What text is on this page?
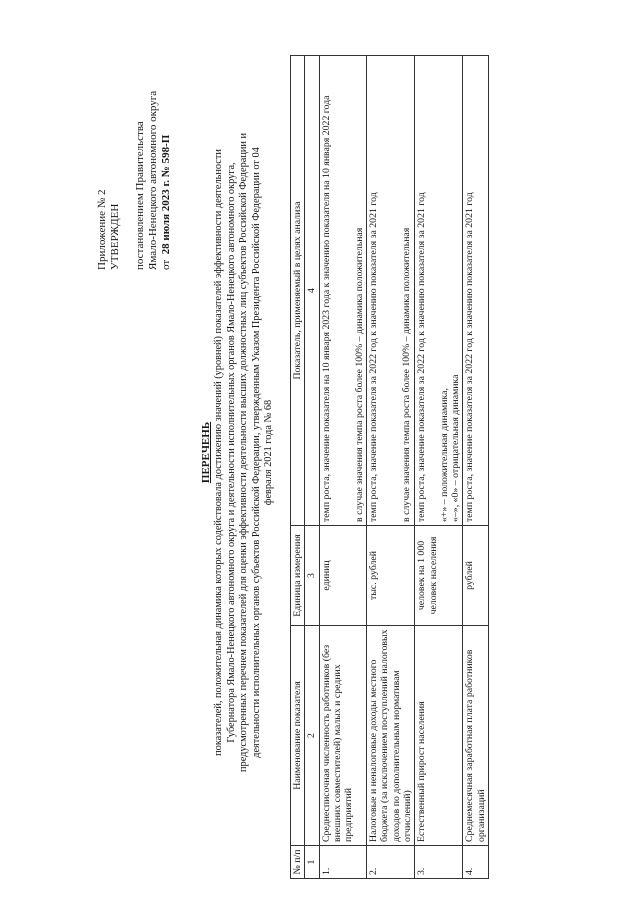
Приложение № 2 УТВЕРЖДЕН постановлением Правительства Ямало-Ненецкого автономного округа от  28 июля 2023 г. № 598-П
ПЕРЕЧЕНЬ показателей, положительная динамика которых содействовала достижению значений (уровней) показателей эффективности деятельности Губернатора Ямало-Ненецкого автономного округа и деятельности исполнительных органов Ямало-Ненецкого автономного округа, предусмотренных перечнем показателей для оценки эффективности деятельности высших должностных лиц субъектов Российской Федерации и деятельности исполнительных органов субъектов Российской Федерации, утвержденным Указом Президента Российской Федерации от 04 февраля 2021 года № 68
№ п/п	Наименование показателя	Единица измерения	Показатель, применяемый в целях анализа
1	2	3	4
1.	Среднесписочная численность работников (без внешних совместителей) малых и средних предприятий	единиц	темп роста, значение показателя на 10 января 2023 года к значению показателя на 10 января 2022 года в случае значения темпа роста более 100% – динамика положительная

2.	Налоговые и неналоговые доходы местного бюджета (за исключением поступлений налоговых доходов по дополнительным нормативам отчислений)	тыс. рублей	темп роста, значение показателя за 2022 год к значению показателя за 2021 год в случае значения темпа роста более 100% – динамика положительная

3.	Естественный прирост населения	человек на 1 000 человек населения	темп роста, значение показателя за 2022 год к значению показателя за 2021 год «+» – положительная динамика, «–», «0» – отрицательная динамика

4.	Среднемесячная заработная плата работников организаций	рублей	темп роста, значение показателя за 2022 год к значению показателя за 2021 год
